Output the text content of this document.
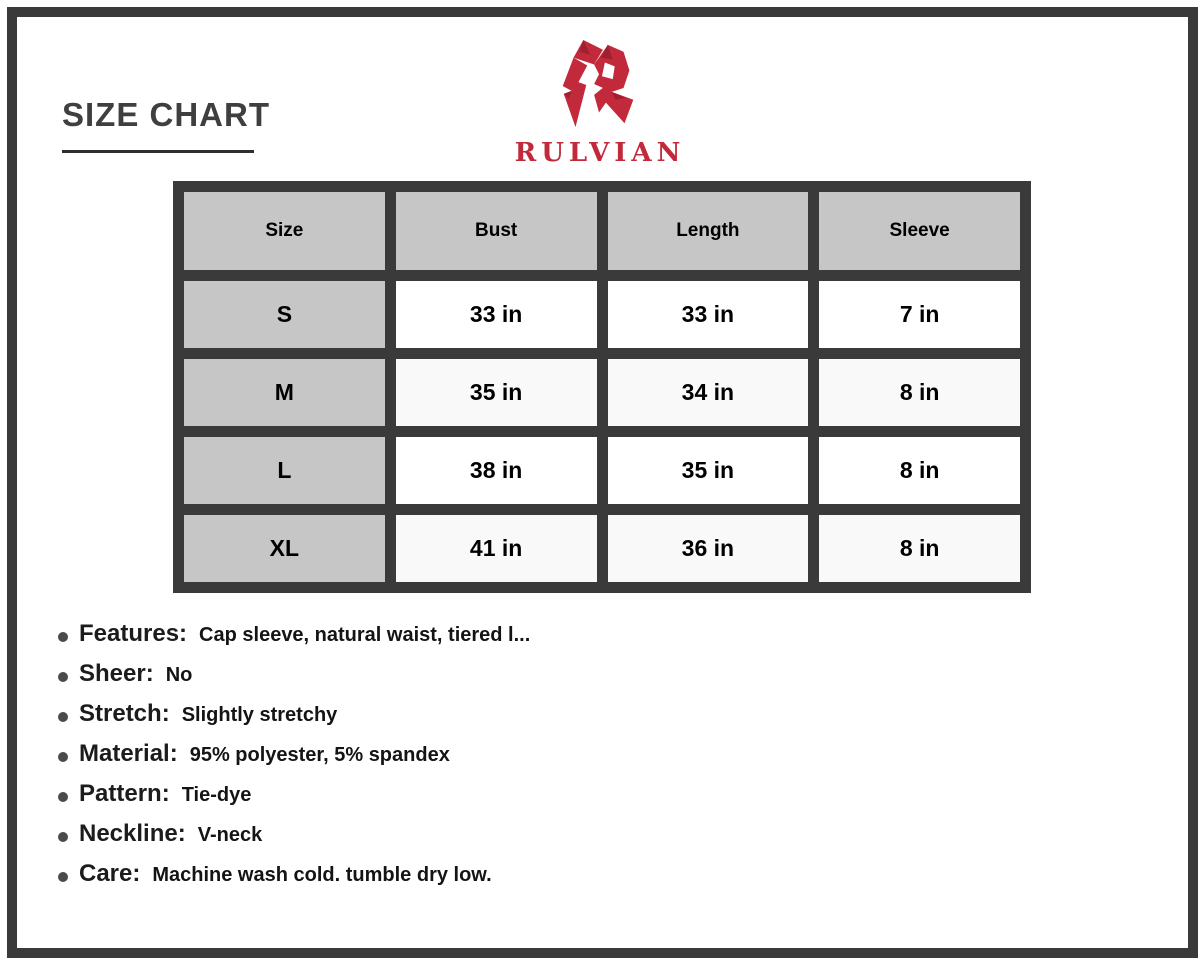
SIZE CHART
RULVIAN
Size	Bust	Length	Sleeve
S	33 in	33 in	7 in
M	35 in	34 in	8 in
L	38 in	35 in	8 in
XL	41 in	36 in	8 in
Features: Cap sleeve, natural waist, tiered l...
Sheer: No
Stretch: Slightly stretchy
Material: 95% polyester, 5% spandex
Pattern: Tie-dye
Neckline: V-neck
Care: Machine wash cold. tumble dry low.
